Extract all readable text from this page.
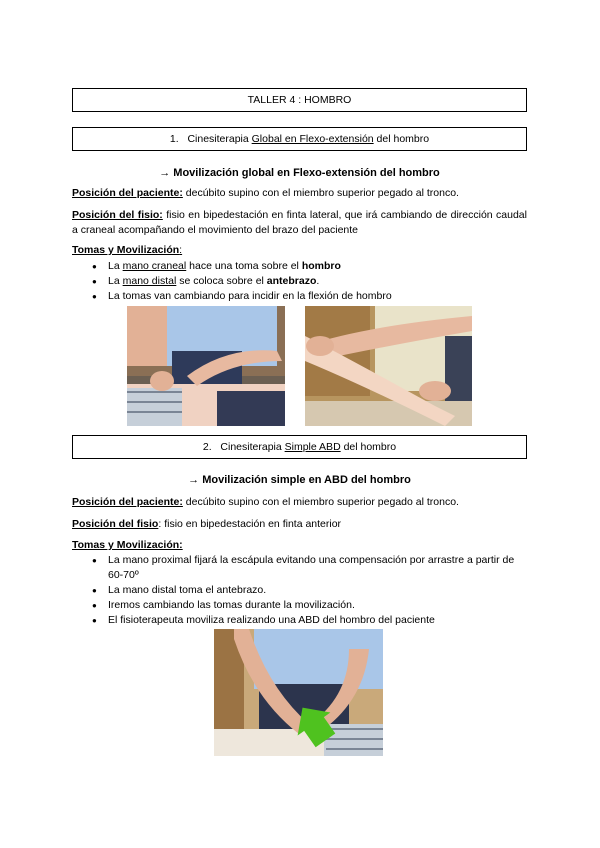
TALLER 4 : HOMBRO
1. Cinesiterapia Global en Flexo-extensión del hombro
→ Movilización global en Flexo-extensión del hombro
Posición del paciente: decúbito supino con el miembro superior pegado al tronco.
Posición del fisio: fisio en bipedestación en finta lateral, que irá cambiando de dirección caudal a craneal acompañando el movimiento del brazo del paciente
Tomas y Movilización:
● La mano craneal hace una toma sobre el hombro
● La mano distal se coloca sobre el antebrazo.
● La tomas van cambiando para incidir en la flexión de hombro
2. Cinesiterapia Simple ABD del hombro
→ Movilización simple en ABD del hombro
Posición del paciente: decúbito supino con el miembro superior pegado al tronco.
Posición del fisio: fisio en bipedestación en finta anterior
Tomas y Movilización:
● La mano proximal fijará la escápula evitando una compensación por arrastre a partir de 60-70º
● La mano distal toma el antebrazo.
● Iremos cambiando las tomas durante la movilización.
● El fisioterapeuta moviliza realizando una ABD del hombro del paciente
